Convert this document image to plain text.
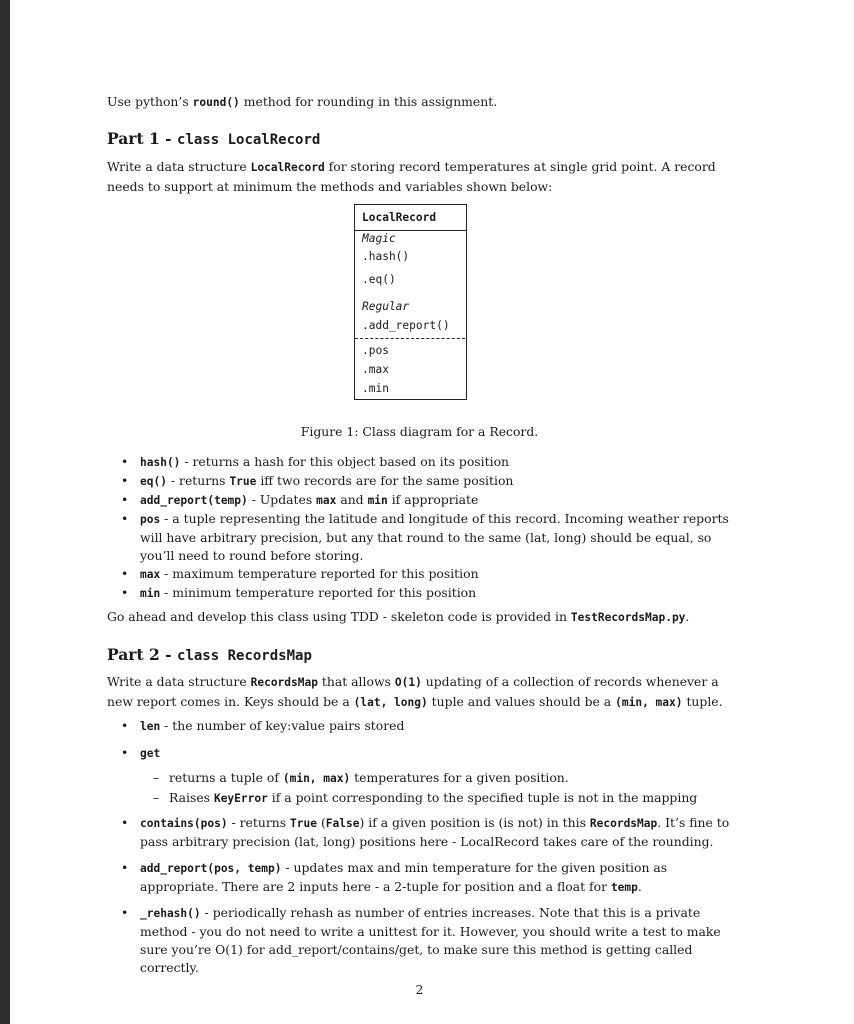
Use python’s round() method for rounding in this assignment.

Part 1 - class LocalRecord

Write a data structure LocalRecord for storing record temperatures at single grid point. A record needs to support at minimum the methods and variables shown below:

LocalRecord
Magic
.hash()
.eq()
Regular
.add_report()
.pos
.max
.min

Figure 1: Class diagram for a Record.

• hash() - returns a hash for this object based on its position
• eq() - returns True iff two records are for the same position
• add_report(temp) - Updates max and min if appropriate
• pos - a tuple representing the latitude and longitude of this record. Incoming weather reports will have arbitrary precision, but any that round to the same (lat, long) should be equal, so you’ll need to round before storing.
• max - maximum temperature reported for this position
• min - minimum temperature reported for this position

Go ahead and develop this class using TDD - skeleton code is provided in TestRecordsMap.py.

Part 2 - class RecordsMap

Write a data structure RecordsMap that allows O(1) updating of a collection of records whenever a new report comes in. Keys should be a (lat, long) tuple and values should be a (min, max) tuple.

• len - the number of key:value pairs stored
• get
– returns a tuple of (min, max) temperatures for a given position.
– Raises KeyError if a point corresponding to the specified tuple is not in the mapping
• contains(pos) - returns True (False) if a given position is (is not) in this RecordsMap. It’s fine to pass arbitrary precision (lat, long) positions here - LocalRecord takes care of the rounding.
• add_report(pos, temp) - updates max and min temperature for the given position as appropriate. There are 2 inputs here - a 2-tuple for position and a float for temp.
• _rehash() - periodically rehash as number of entries increases. Note that this is a private method - you do not need to write a unittest for it. However, you should write a test to make sure you’re O(1) for add_report/contains/get, to make sure this method is getting called correctly.
2
